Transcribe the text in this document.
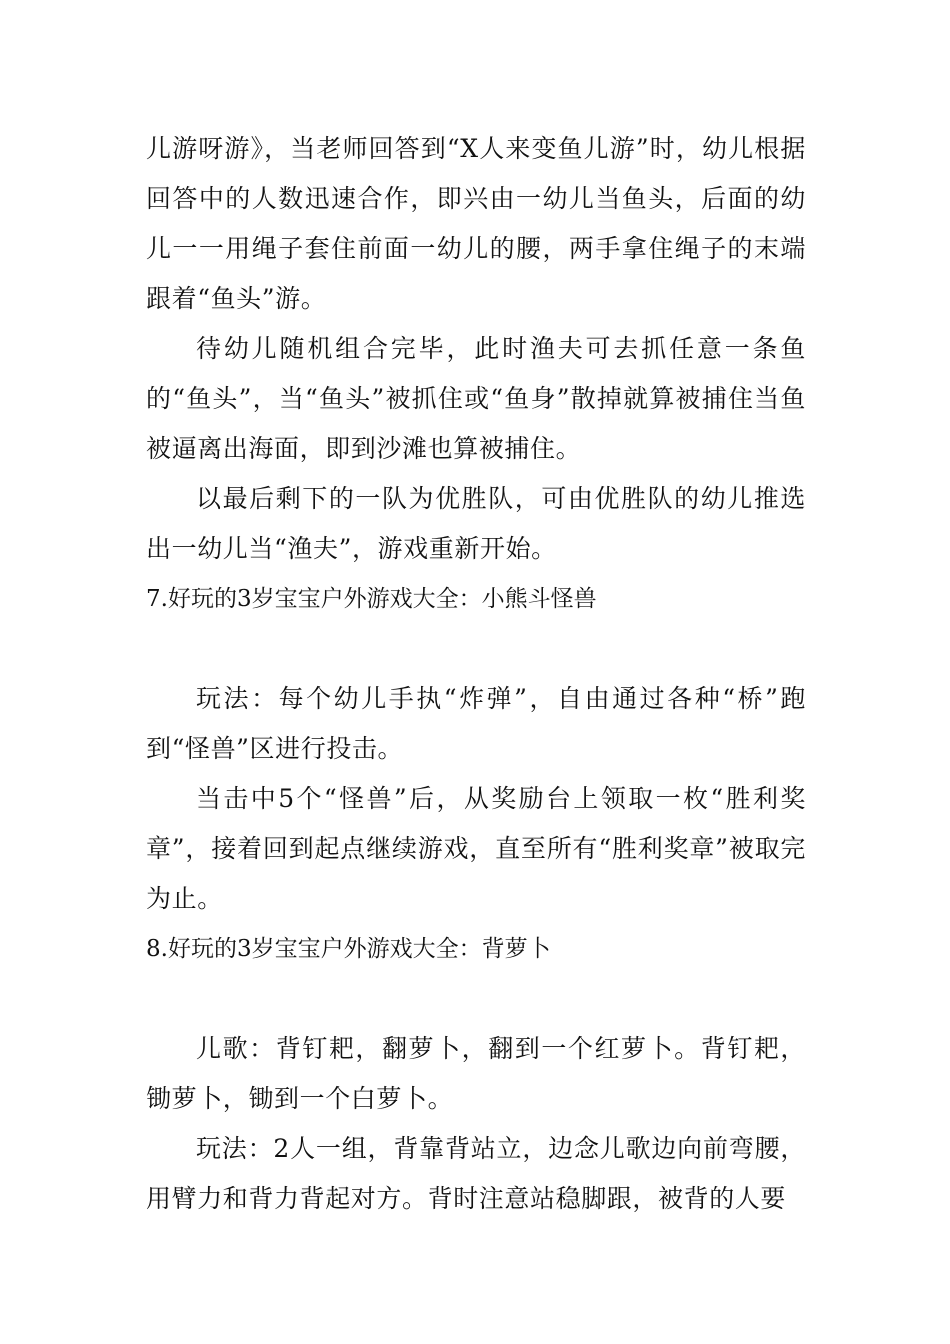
儿游呀游》，当老师回答到“X人来变鱼儿游”时，幼儿根据回答中的人数迅速合作，即兴由一幼儿当鱼头，后面的幼儿一一用绳子套住前面一幼儿的腰，两手拿住绳子的末端跟着“鱼头”游。

待幼儿随机组合完毕，此时渔夫可去抓任意一条鱼的“鱼头”，当“鱼头”被抓住或“鱼身”散掉就算被捕住当鱼被逼离出海面，即到沙滩也算被捕住。

以最后剩下的一队为优胜队，可由优胜队的幼儿推选出一幼儿当“渔夫”，游戏重新开始。

7.好玩的3岁宝宝户外游戏大全：小熊斗怪兽

玩法：每个幼儿手执“炸弹”，自由通过各种“桥”跑到“怪兽”区进行投击。

当击中5个“怪兽”后，从奖励台上领取一枚“胜利奖章”，接着回到起点继续游戏，直至所有“胜利奖章”被取完为止。

8.好玩的3岁宝宝户外游戏大全：背萝卜

儿歌：背钉耙，翻萝卜，翻到一个红萝卜。背钉耙，锄萝卜，锄到一个白萝卜。

玩法：2人一组，背靠背站立，边念儿歌边向前弯腰，用臂力和背力背起对方。背时注意站稳脚跟，被背的人要
